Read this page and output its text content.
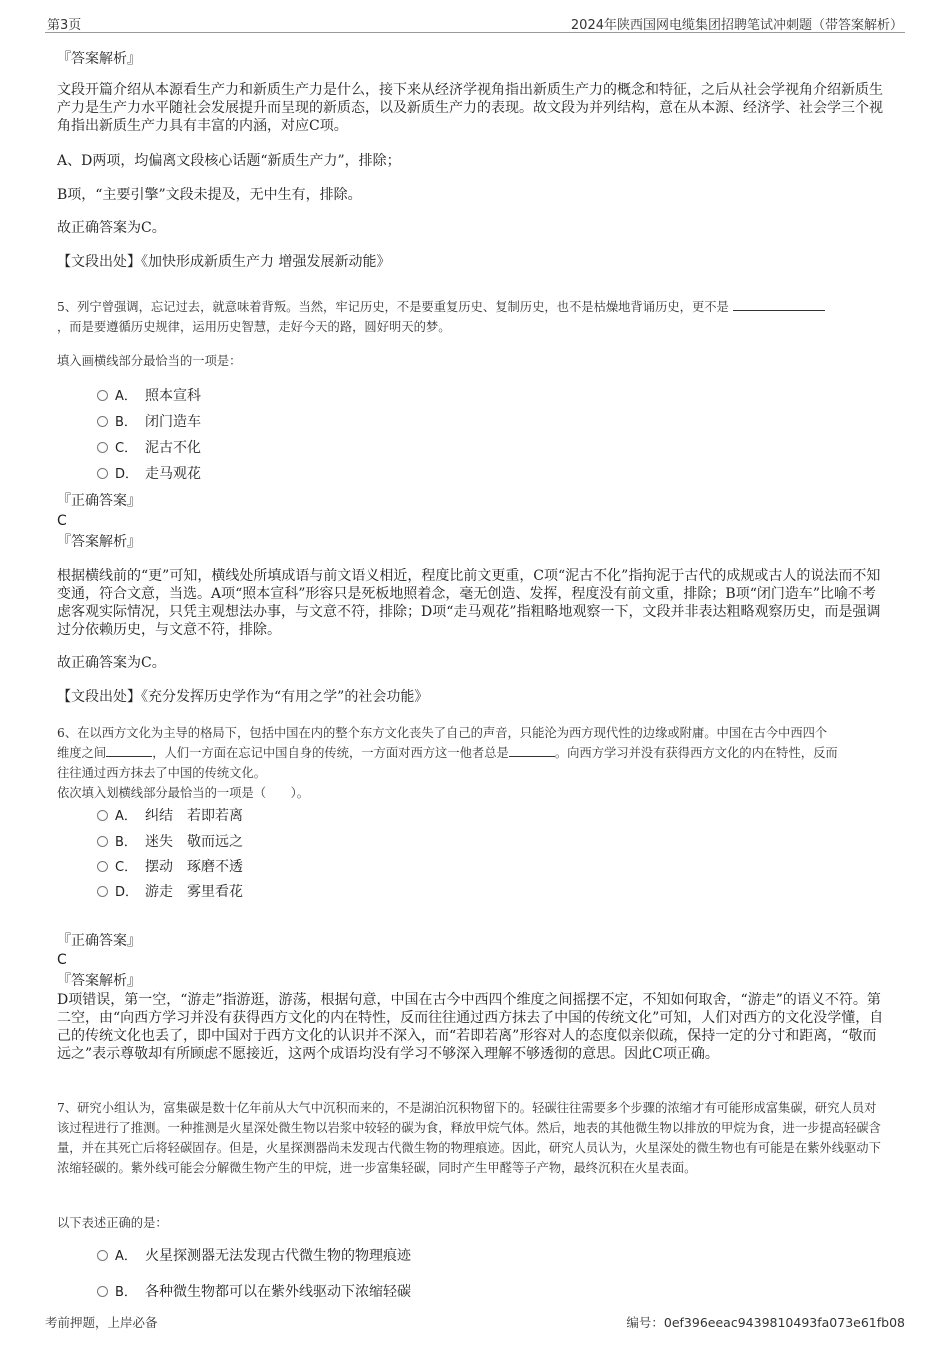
第3页	2024年陕西国网电缆集团招聘笔试冲刺题（带答案解析）
『答案解析』
文段开篇介绍从本源看生产力和新质生产力是什么，接下来从经济学视角指出新质生产力的概念和特征，之后从社会学视角介绍新质生产力是生产力水平随社会发展提升而呈现的新质态，以及新质生产力的表现。故文段为并列结构，意在从本源、经济学、社会学三个视角指出新质生产力具有丰富的内涵，对应C项。
A、D两项，均偏离文段核心话题“新质生产力”，排除；
B项，“主要引擎”文段未提及，无中生有，排除。
故正确答案为C。
【文段出处】《加快形成新质生产力 增强发展新动能》
5、列宁曾强调，忘记过去，就意味着背叛。当然，牢记历史，不是要重复历史、复制历史，也不是枯燥地背诵历史，更不是
，而是要遵循历史规律，运用历史智慧，走好今天的路，圆好明天的梦。
填入画横线部分最恰当的一项是：
A． 照本宣科
B． 闭门造车
C． 泥古不化
D． 走马观花
『正确答案』
C
『答案解析』
根据横线前的“更”可知，横线处所填成语与前文语义相近，程度比前文更重，C项“泥古不化”指拘泥于古代的成规或古人的说法而不知变通，符合文意，当选。A项“照本宣科”形容只是死板地照着念，毫无创造、发挥，程度没有前文重，排除；B项“闭门造车”比喻不考虑客观实际情况，只凭主观想法办事，与文意不符，排除；D项“走马观花”指粗略地观察一下，文段并非表达粗略观察历史，而是强调过分依赖历史，与文意不符，排除。
故正确答案为C。
【文段出处】《充分发挥历史学作为“有用之学”的社会功能》
6、在以西方文化为主导的格局下，包括中国在内的整个东方文化丧失了自己的声音，只能沦为西方现代性的边缘或附庸。中国在古今中西四个
维度之间	，人们一方面在忘记中国自身的传统，一方面对西方这一他者总是	。向西方学习并没有获得西方文化的内在特性，反而
往往通过西方抹去了中国的传统文化。
依次填入划横线部分最恰当的一项是（　　）。
A． 纠结　若即若离
B． 迷失　敬而远之
C． 摆动　琢磨不透
D． 游走　雾里看花
『正确答案』
C
『答案解析』
D项错误，第一空，“游走”指游逛，游荡，根据句意，中国在古今中西四个维度之间摇摆不定，不知如何取舍，“游走”的语义不符。第二空，由“向西方学习并没有获得西方文化的内在特性，反而往往通过西方抹去了中国的传统文化”可知，人们对西方的文化没学懂，自己的传统文化也丢了，即中国对于西方文化的认识并不深入，而“若即若离”形容对人的态度似亲似疏，保持一定的分寸和距离，“敬而远之”表示尊敬却有所顾虑不愿接近，这两个成语均没有学习不够深入理解不够透彻的意思。因此C项正确。
7、研究小组认为，富集碳是数十亿年前从大气中沉积而来的，不是湖泊沉积物留下的。轻碳往往需要多个步骤的浓缩才有可能形成富集碳，研究人员对该过程进行了推测。一种推测是火星深处微生物以岩浆中较轻的碳为食，释放甲烷气体。然后，地表的其他微生物以排放的甲烷为食，进一步提高轻碳含量，并在其死亡后将轻碳固存。但是，火星探测器尚未发现古代微生物的物理痕迹。因此，研究人员认为，火星深处的微生物也有可能是在紫外线驱动下浓缩轻碳的。紫外线可能会分解微生物产生的甲烷，进一步富集轻碳，同时产生甲醛等子产物，最终沉积在火星表面。
以下表述正确的是：
A． 火星探测器无法发现古代微生物的物理痕迹
B． 各种微生物都可以在紫外线驱动下浓缩轻碳
考前押题，上岸必备	编号：0ef396eeac9439810493fa073e61fb08
